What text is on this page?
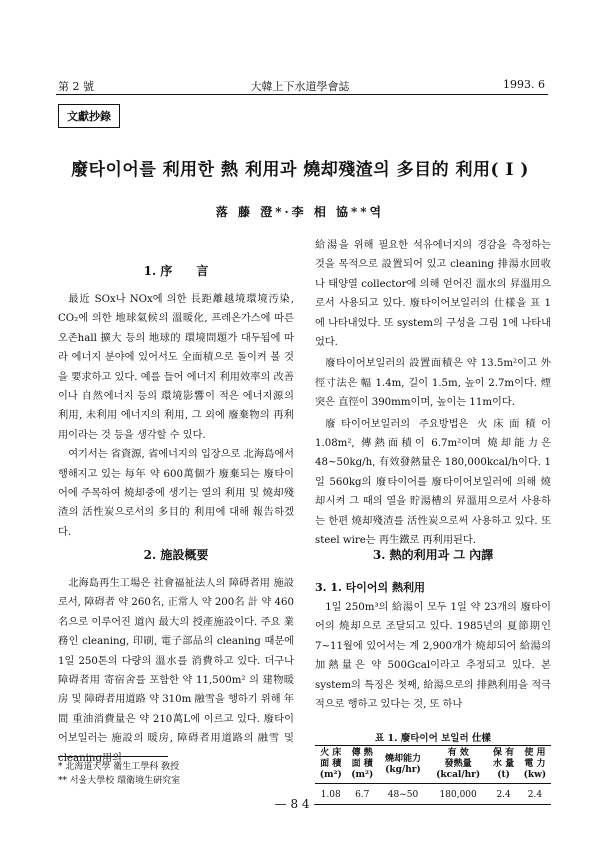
第 2 號	大韓上下水道學會誌	1993. 6
文獻抄錄
廢타이어를 利用한 熱 利用과 燒却殘渣의 多目的 利用( I )
落 藤 澄*·李 相 協**역
1. 序　　言

最近 SOx나 NOx에 의한 長距離越境環境汚染, CO₂에 의한 地球氣候의 溫暖化, 프레온가스에 따른 오존hall 擴大 등의 地球的 環境問題가 대두됨에 따라 에너지 분야에 있어서도 全面積으로 돌이켜 볼 것을 要求하고 있다. 예를 들어 에너지 利用效率의 改善이나 自然에너지 등의 環境影響이 적은 에너지源의 利用, 未利用 에너지의 利用, 그 외에 廢棄物의 再利用이라는 것 등을 생각할 수 있다.

여기서는 省資源, 省에너지의 입장으로 北海島에서 행해지고 있는 每年 약 600萬個가 廢棄되는 廢타이어에 주목하여 燒却중에 생기는 열의 利用 및 燒却殘渣의 活性炭으로서의 多目的 利用에 대해 報告하겠다.

2. 施設概要

北海島再生工場은 社會福祉法人의 障碍者用 施設로서, 障碍者 약 260名, 正常人 약 200名 計 약 460名으로 이루어진 道內 最大의 授產施設이다. 주요 業務인 cleaning, 印刷, 電子部品의 cleaning 때문에 1일 250톤의 다량의 溫水를 消費하고 있다. 더구나 障碍者用 寄宿舍를 포함한 약 11,500m² 의 建物暖房 및 障碍者用道路 약 310m 融雪을 행하기 위해 年間 重油消費量은 약 210萬L에 이르고 있다. 廢타이어보일러는 施設의 暖房, 障碍者用道路의 融雪 및 cleaning用의

* 北海道大學 衛生工學科 敎授
** 서울大學校 環衛境生硏究室

給湯을 위해 필요한 석유에너지의 경감을 측정하는 것을 목적으로 設置되어 있고 cleaning 排湯水回收나 태양열 collector에 의해 얻어진 溫水의 昇溫用으로서 사용되고 있다. 廢타이어보일러의 仕樣을 표 1에 나타내었다. 또 system의 구성을 그림 1에 나타내었다.

廢타이어보일러의 設置面積은 약 13.5m²이고 外徑寸法은 幅 1.4m, 길이 1.5m, 높이 2.7m이다. 煙突은 直徑이 390mm이며, 높이는 11m이다.

廢타이어보일러의 주요방법은 火床面積이 1.08m², 傳熱面積이 6.7m²이며 燒却能力은 48~50kg/h, 有效發熱量은 180,000kcal/h이다. 1일 560kg의 廢타이어를 廢타이어보일러에 의해 燒却시켜 그 때의 열을 貯湯槽의 昇溫用으로서 사용하는 한편 燒却殘渣를 活性炭으로써 사용하고 있다. 또 steel wire는 再生鐵로 再利用된다.

3. 熱的利用과 그 內譯
3. 1. 타이어의 熱利用

1일 250m³의 給湯이 모두 1일 약 23개의 廢타이어의 燒却으로 조달되고 있다. 1985년의 夏節期인 7~11월에 있어서는 계 2,900개가 燒却되어 給湯의 加熱量은 약 500Gcal이라고 추정되고 있다. 본 system의 특징은 첫째, 給湯으로의 排熱利用을 적극적으로 행하고 있다는 것, 또 하나

표 1. 廢타이어 보일러 仕樣
火 床
面 積
(m²)	傳 熱
面 積
(m²)	燒却能力
(kg/hr)	有 效
發熱量
(kcal/hr)	保 有
水 量
(t)	使 用
電 力
(kw)
1.08	6.7	48~50	180,000	2.4	2.4
— 8 4 —
